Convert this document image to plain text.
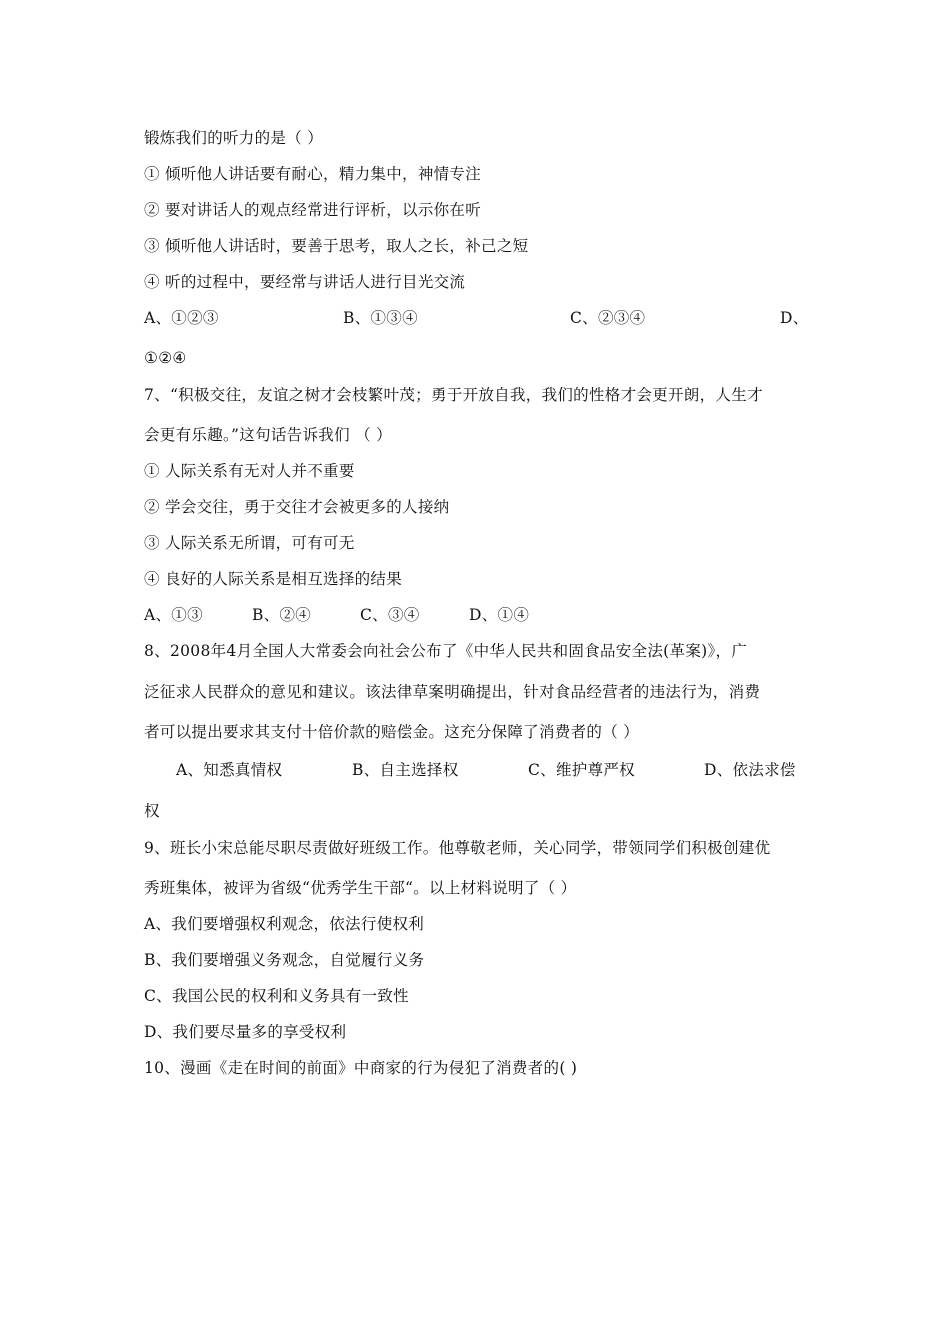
锻炼我们的听力的是（ ）
① 倾听他人讲话要有耐心，精力集中，神情专注
② 要对讲话人的观点经常进行评析，以示你在听
③ 倾听他人讲话时，要善于思考，取人之长，补己之短
④ 听的过程中，要经常与讲话人进行目光交流
A、①②③	B、①③④	C、②③④	D、
①②④
7、“积极交往，友谊之树才会枝繁叶茂；勇于开放自我，我们的性格才会更开朗，人生才
会更有乐趣。”这句话告诉我们 （ ）
① 人际关系有无对人并不重要
② 学会交往，勇于交往才会被更多的人接纳
③ 人际关系无所谓，可有可无
④ 良好的人际关系是相互选择的结果
A、①③	B、②④	C、③④	D、①④
8、2008年4月全国人大常委会向社会公布了《中华人民共和固食品安全法(革案)》，广
泛征求人民群众的意见和建议。该法律草案明确提出，针对食品经营者的违法行为，消费
者可以提出要求其支付十倍价款的赔偿金。这充分保障了消费者的（ ）
A、知悉真情权	B、自主选择权	C、维护尊严权	D、依法求偿
权
9、班长小宋总能尽职尽责做好班级工作。他尊敬老师，关心同学，带领同学们积极创建优
秀班集体，被评为省级“优秀学生干部“。以上材料说明了（ ）
A、我们要增强权利观念，依法行使权利
B、我们要增强义务观念，自觉履行义务
C、我国公民的权利和义务具有一致性
D、我们要尽量多的享受权利
10、漫画《走在时间的前面》中商家的行为侵犯了消费者的( )
